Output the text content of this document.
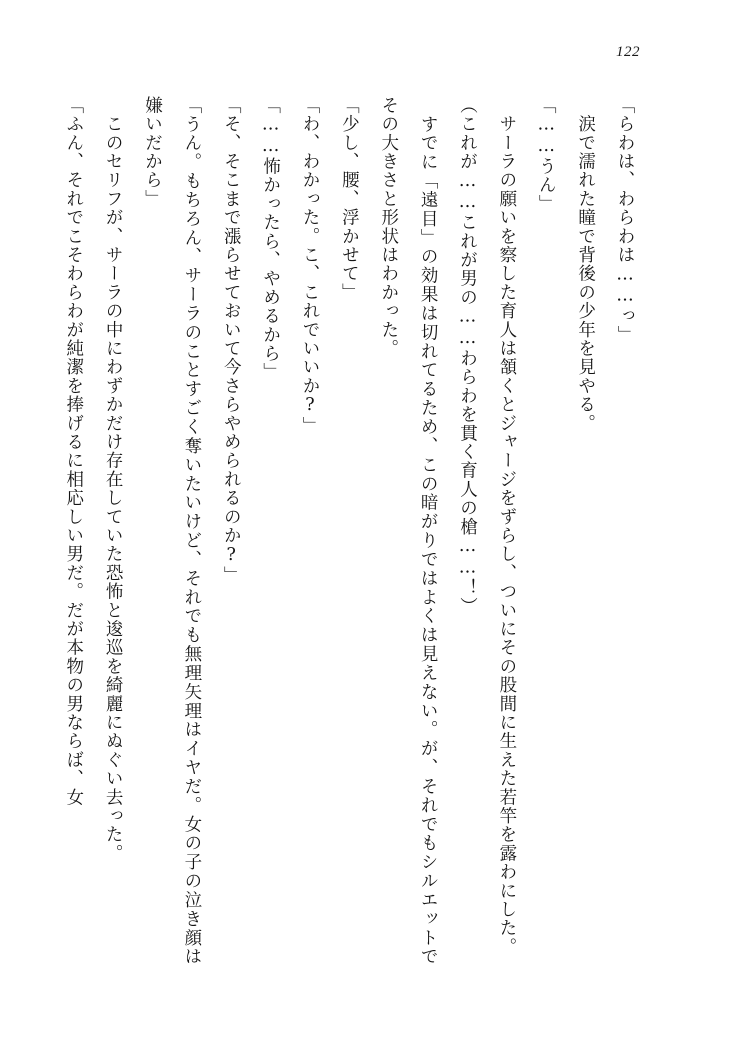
122

「らわは、わらわは……っ」

　涙で濡れた瞳で背後の少年を見やる。

「……うん」

　サーラの願いを察した育人は頷くとジャージをずらし、ついにその股間に生えた若竿を露わにした。

（これが……これが男の……わらわを貫く育人の槍……！）

　すでに「遠目」の効果は切れてるため、この暗がりではよくは見えない。が、それでもシルエットでその大きさと形状はわかった。

「少し、腰、浮かせて」

「わ、わかった。こ、これでいいか?」

「……怖かったら、やめるから」

「そ、そこまで漲らせておいて今さらやめられるのか?」

「うん。もちろん、サーラのことすごく奪いたいけど、それでも無理矢理はイヤだ。女の子の泣き顔は嫌いだから」

　このセリフが、サーラの中にわずかだけ存在していた恐怖と逡巡を綺麗にぬぐい去った。

「ふん、それでこそわらわが純潔を捧げるに相応しい男だ。だが本物の男ならば、女
